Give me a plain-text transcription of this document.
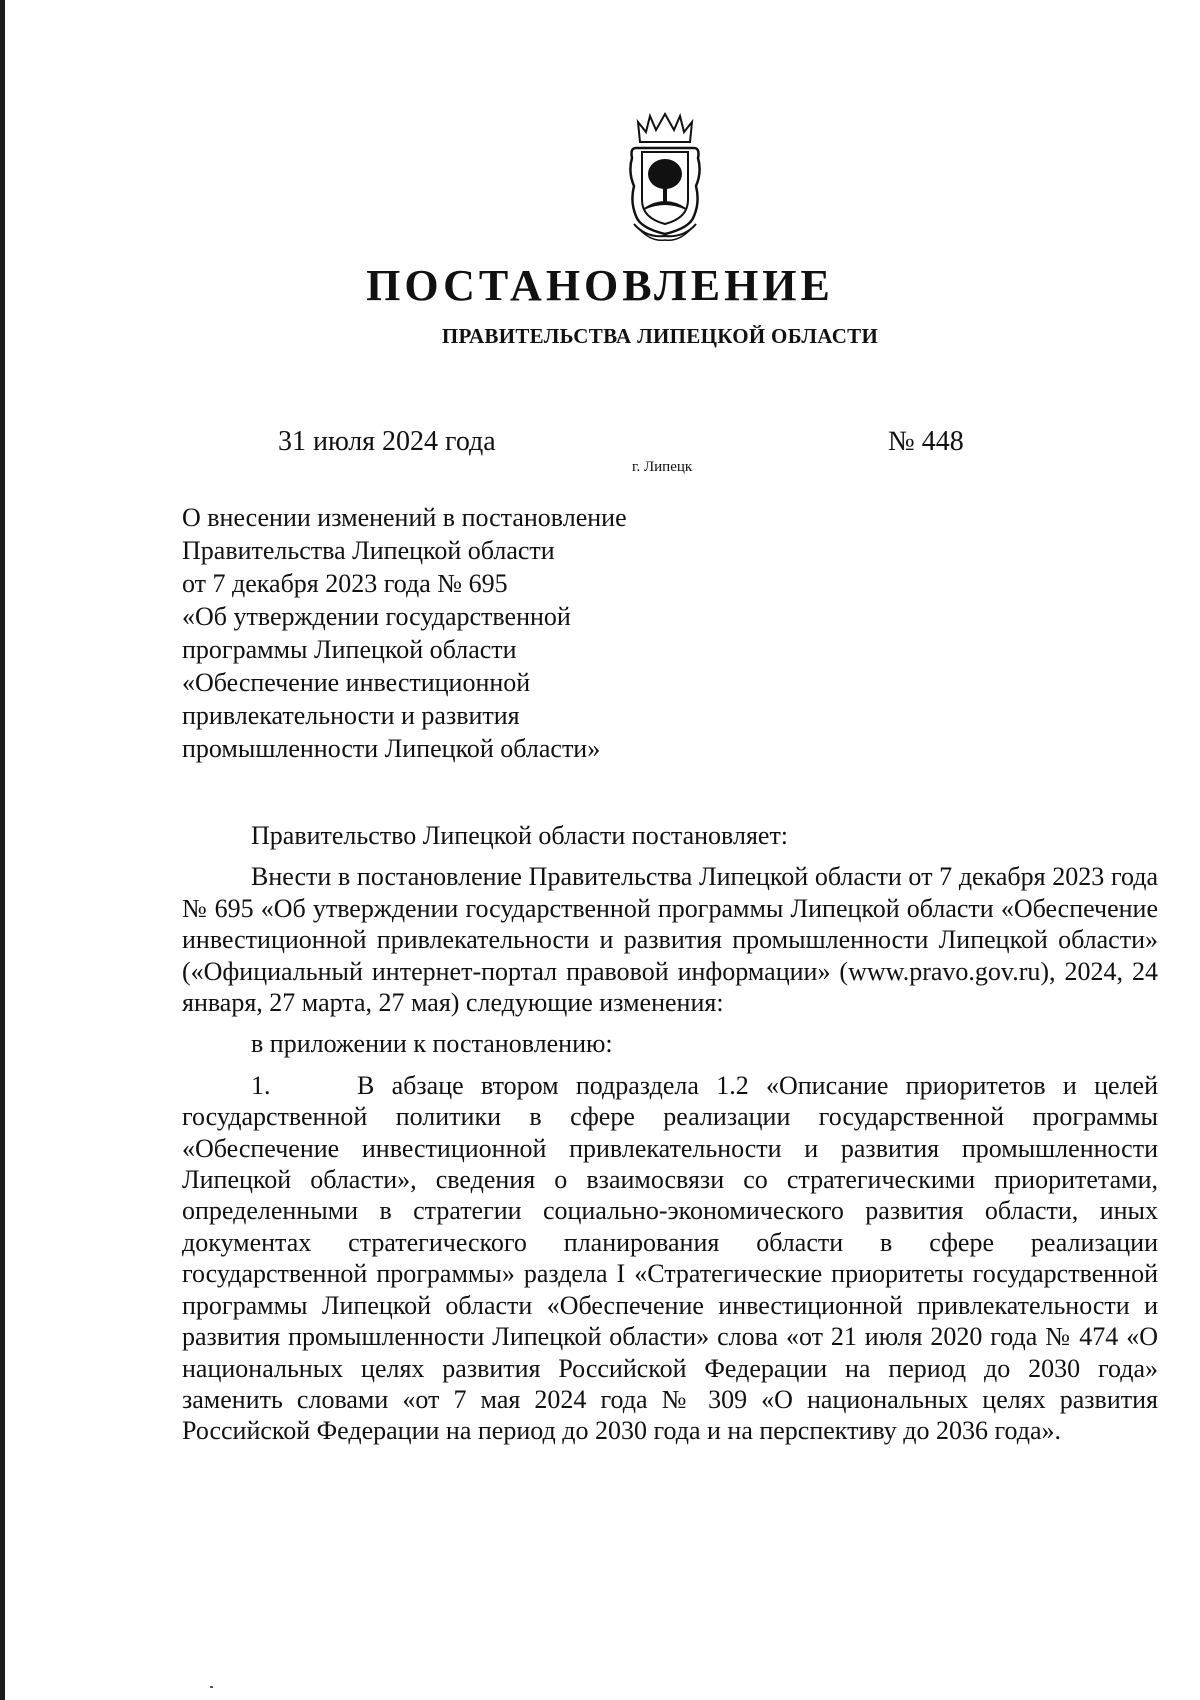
ПОСТАНОВЛЕНИЕ
ПРАВИТЕЛЬСТВА ЛИПЕЦКОЙ ОБЛАСТИ
31 июля 2024 года
г. Липецк
№ 448
О внесении изменений в постановление
Правительства Липецкой области
от 7 декабря 2023 года № 695
«Об утверждении государственной
программы Липецкой области
«Обеспечение инвестиционной
привлекательности и развития
промышленности Липецкой области»

Правительство Липецкой области постановляет:

Внести в постановление Правительства Липецкой области от 7 декабря 2023 года № 695 «Об утверждении государственной программы Липецкой области «Обеспечение инвестиционной привлекательности и развития промышленности Липецкой области» («Официальный интернет-портал правовой информации» (www.pravo.gov.ru), 2024, 24 января, 27 марта, 27 мая) следующие изменения:

в приложении к постановлению:

1.     В абзаце втором подраздела 1.2 «Описание приоритетов и целей государственной политики в сфере реализации государственной программы «Обеспечение инвестиционной привлекательности и развития промышленности Липецкой области», сведения о взаимосвязи со стратегическими приоритетами, определенными в стратегии социально-экономического развития области, иных документах стратегического планирования области в сфере реализации государственной программы» раздела I «Стратегические приоритеты государственной программы Липецкой области «Обеспечение инвестиционной привлекательности и развития промышленности Липецкой области» слова «от 21 июля 2020 года № 474 «О национальных целях развития Российской Федерации на период до 2030 года» заменить словами «от 7 мая 2024 года № 309 «О национальных целях развития Российской Федерации на период до 2030 года и на перспективу до 2036 года».
